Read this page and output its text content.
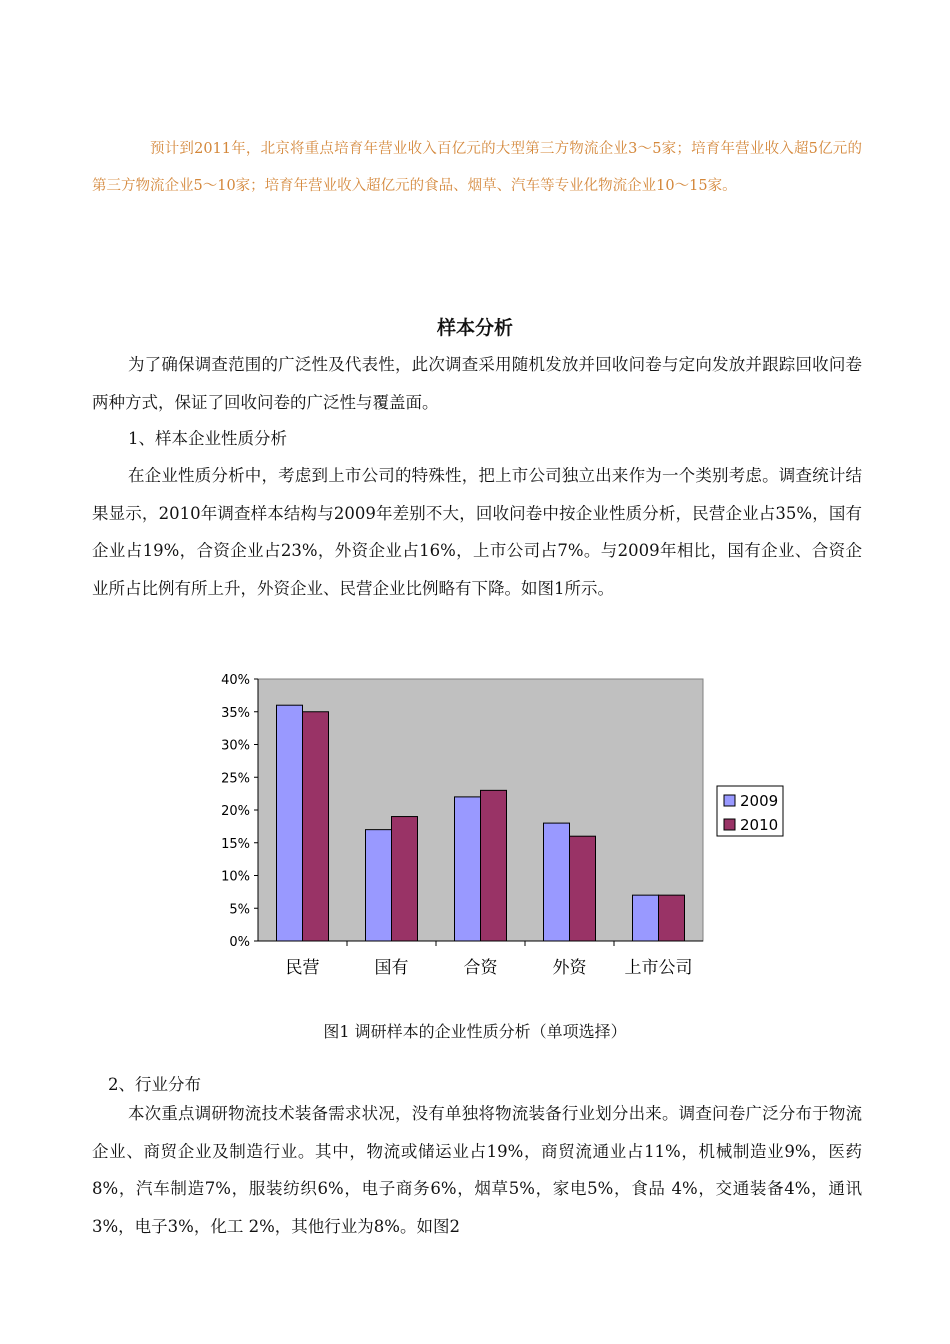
预计到2011年，北京将重点培育年营业收入百亿元的大型第三方物流企业3～5家；培育年营业收入超5亿元的第三方物流企业5～10家；培育年营业收入超亿元的食品、烟草、汽车等专业化物流企业10～15家。

样本分析

为了确保调查范围的广泛性及代表性，此次调查采用随机发放并回收问卷与定向发放并跟踪回收问卷两种方式，保证了回收问卷的广泛性与覆盖面。

1、样本企业性质分析

在企业性质分析中，考虑到上市公司的特殊性，把上市公司独立出来作为一个类别考虑。调查统计结果显示，2010年调查样本结构与2009年差别不大，回收问卷中按企业性质分析，民营企业占35%，国有企业占19%，合资企业占23%，外资企业占16%，上市公司占7%。与2009年相比，国有企业、合资企业所占比例有所上升，外资企业、民营企业比例略有下降。如图1所示。

0%
5%
10%
15%
20%
25%
30%
35%
40%
民营	国有	合资	外资 上市公司
2009
2010
图1 调研样本的企业性质分析（单项选择）

2、行业分布

本次重点调研物流技术装备需求状况，没有单独将物流装备行业划分出来。调查问卷广泛分布于物流企业、商贸企业及制造行业。其中，物流或储运业占19%，商贸流通业占11%，机械制造业9%，医药8%，汽车制造7%，服装纺织6%，电子商务6%，烟草5%，家电5%，食品 4%，交通装备4%，通讯3%，电子3%，化工 2%，其他行业为8%。如图2
